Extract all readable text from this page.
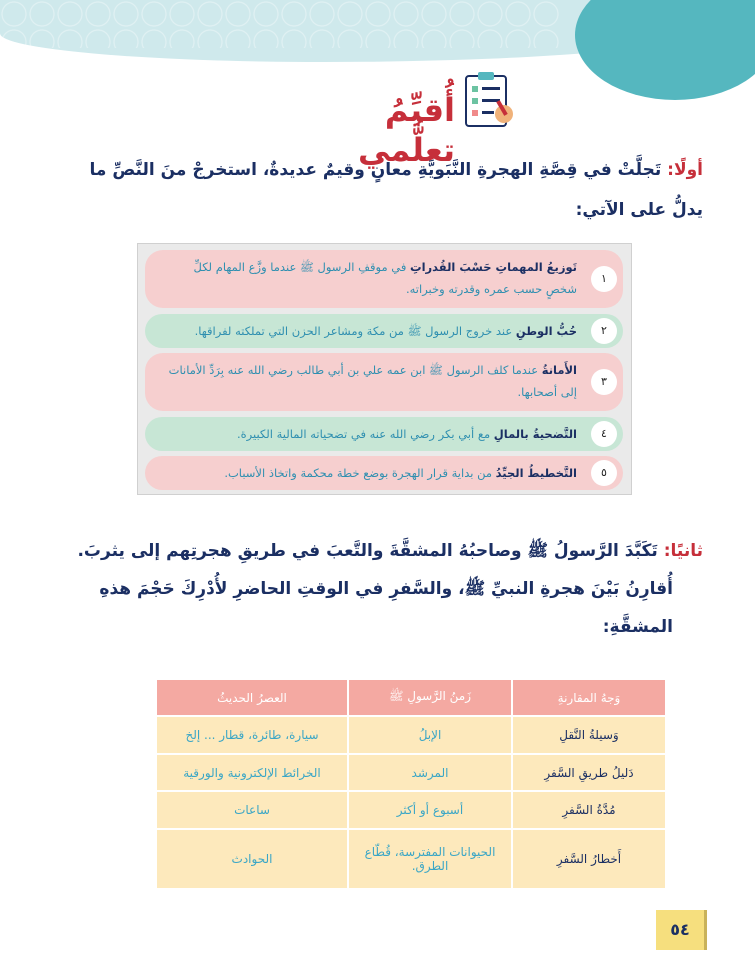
أُقيِّمُ تعلُّمي
أولًا: تَجلَّتْ في قِصَّةِ الهجرةِ النَّبَويَّةِ معانٍ وقيمٌ عديدةٌ، استخرجْ منَ النَّصِّ ما يدلُّ على الآتي:
١
تَوزيعُ المهماتِ حَسْبَ القُدراتِ في موقفِ الرسول ﷺ عندما وزَّع المهام لكلِّ شخصٍ حسب عمره وقدرته وخبراته.
٢
حُبُّ الوطنِ عند خروج الرسول ﷺ من مكة ومشاعر الحزن التي تملكته لفراقها.
٣
الأَمانةُ عندما كلف الرسول ﷺ ابن عمه علي بن أبي طالب رضي الله عنه بِرَدِّ الأمانات إلى أصحابها.
٤
التَّضحيةُ بالمالِ مع أبي بكر رضي الله عنه في تضحياته المالية الكبيرة.
٥
التَّخطيطُ الجيِّدُ من بداية قرار الهجرة بوضع خطة محكمة واتخاذ الأسباب.
ثانيًا: تَكَبَّدَ الرَّسولُ ﷺ وصاحبُهُ المشقَّةَ والتَّعبَ في طريقِ هجرتِهم إلى يثربَ.
أُقارِنُ بَيْنَ هجرةِ النبيِّ ﷺ، والسَّفرِ في الوقتِ الحاضرِ لأُدْرِكَ حَجْمَ هذهِ المشقَّةِ:
وَجهُ المقارنةِ	زَمنُ الرَّسولِ ﷺ	العصرُ الحديثُ
وَسيلةُ النَّقلِ	الإبلُ	سيارة، طائرة، قطار ... إلخ
دَليلُ طريقِ السَّفرِ	المرشد	الخرائط الإلكترونية والورقية
مُدَّةُ السَّفرِ	أسبوع أو أكثر	ساعات
أَخطارُ السَّفرِ	الحيوانات المفترسة، قُطّاع الطرق.	الحوادث
٥٤
